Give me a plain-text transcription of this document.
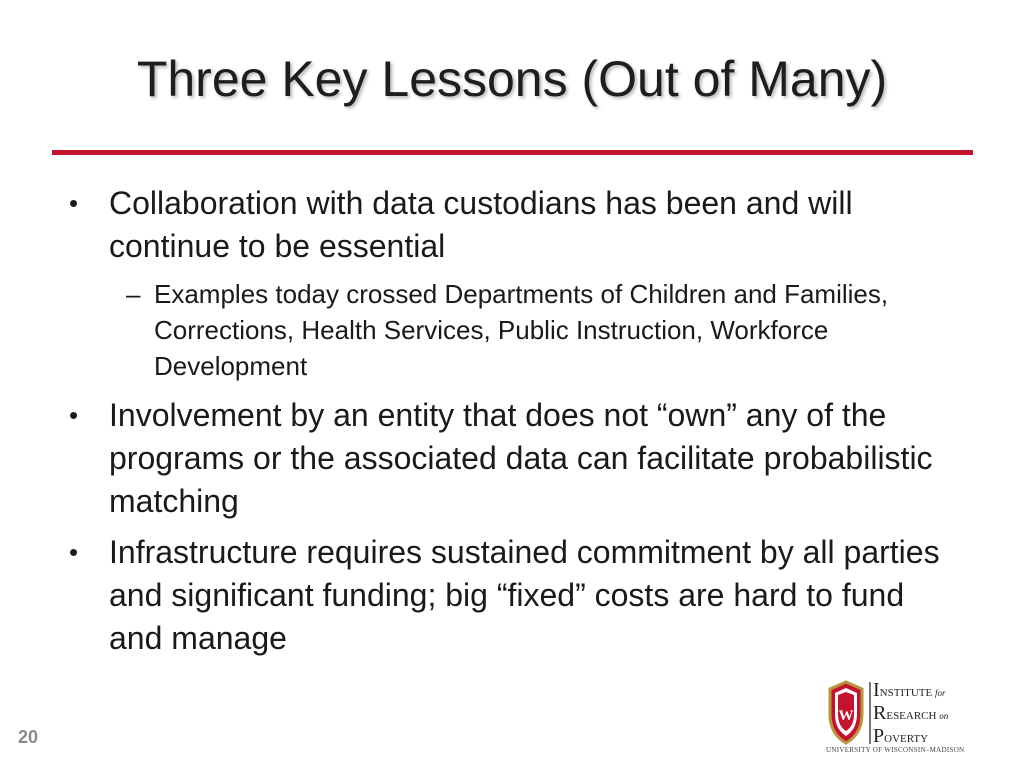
Three Key Lessons (Out of Many)
• Collaboration with data custodians has been and will continue to be essential
– Examples today crossed Departments of Children and Families, Corrections, Health Services, Public Instruction, Workforce Development
• Involvement by an entity that does not “own” any of the programs or the associated data can facilitate probabilistic matching
• Infrastructure requires sustained commitment by all parties and significant funding; big “fixed” costs are hard to fund and manage
20
W
INSTITUTE for
RESEARCH on
POVERTY
UNIVERSITY OF WISCONSIN–MADISON
